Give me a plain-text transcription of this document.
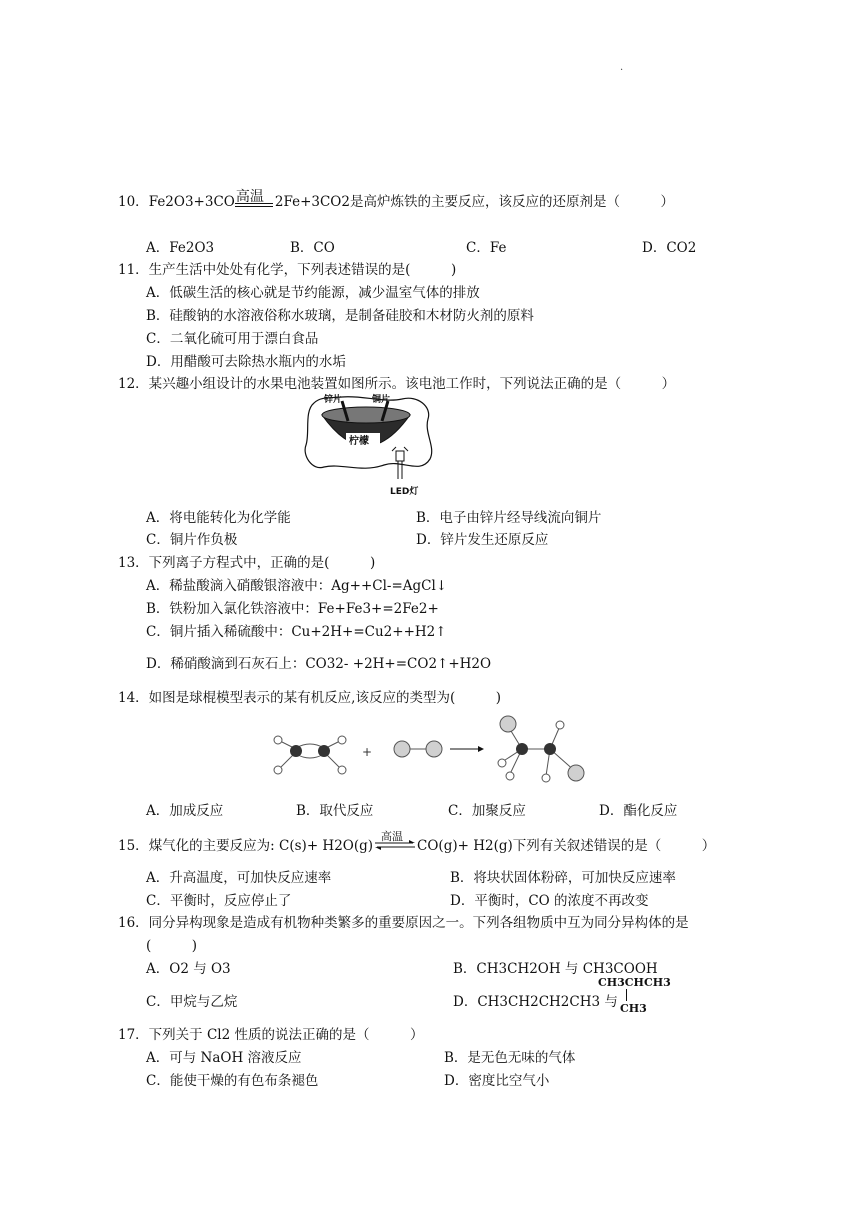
.
10．Fe2O3+3CO 高温 2Fe+3CO2是高炉炼铁的主要反应，该反应的还原剂是（　　　）
A．Fe2O3	B．CO	C．Fe	D．CO2
11．生产生活中处处有化学，下列表述错误的是(　　　)
A．低碳生活的核心就是节约能源，减少温室气体的排放
B．硅酸钠的水溶液俗称水玻璃，是制备硅胶和木材防火剂的原料
C．二氧化硫可用于漂白食品
D．用醋酸可去除热水瓶内的水垢
12．某兴趣小组设计的水果电池装置如图所示。该电池工作时，下列说法正确的是（　　　）
柠檬
锌片	铜片
LED灯
A．将电能转化为化学能	B．电子由锌片经导线流向铜片
C．铜片作负极	D．锌片发生还原反应
13．下列离子方程式中，正确的是(　　　)
A．稀盐酸滴入硝酸银溶液中：Ag++Cl-=AgCl↓
B．铁粉加入氯化铁溶液中：Fe+Fe3+=2Fe2+
C．铜片插入稀硫酸中：Cu+2H+=Cu2++H2↑
D．稀硝酸滴到石灰石上：CO32- +2H+=CO2↑+H2O
14．如图是球棍模型表示的某有机反应,该反应的类型为(　　　)
+
A．加成反应	B．取代反应	C．加聚反应	D．酯化反应
15．煤气化的主要反应为: C(s)+ H2O(g)
高温
CO(g)+ H2(g)下列有关叙述错误的是（　　　）
A．升高温度，可加快反应速率	B．将块状固体粉碎，可加快反应速率
C．平衡时，反应停止了	D．平衡时，CO 的浓度不再改变
16．同分异构现象是造成有机物种类繁多的重要原因之一。下列各组物质中互为同分异构体的是
(　　　)
A．O2 与 O3	B．CH3CH2OH 与 CH3COOH
C．甲烷与乙烷	D．CH3CH2CH2CH3 与
CH3CHCH3
CH3
17．下列关于 Cl2 性质的说法正确的是（　　　）
A．可与 NaOH 溶液反应	B．是无色无味的气体
C．能使干燥的有色布条褪色	D．密度比空气小
